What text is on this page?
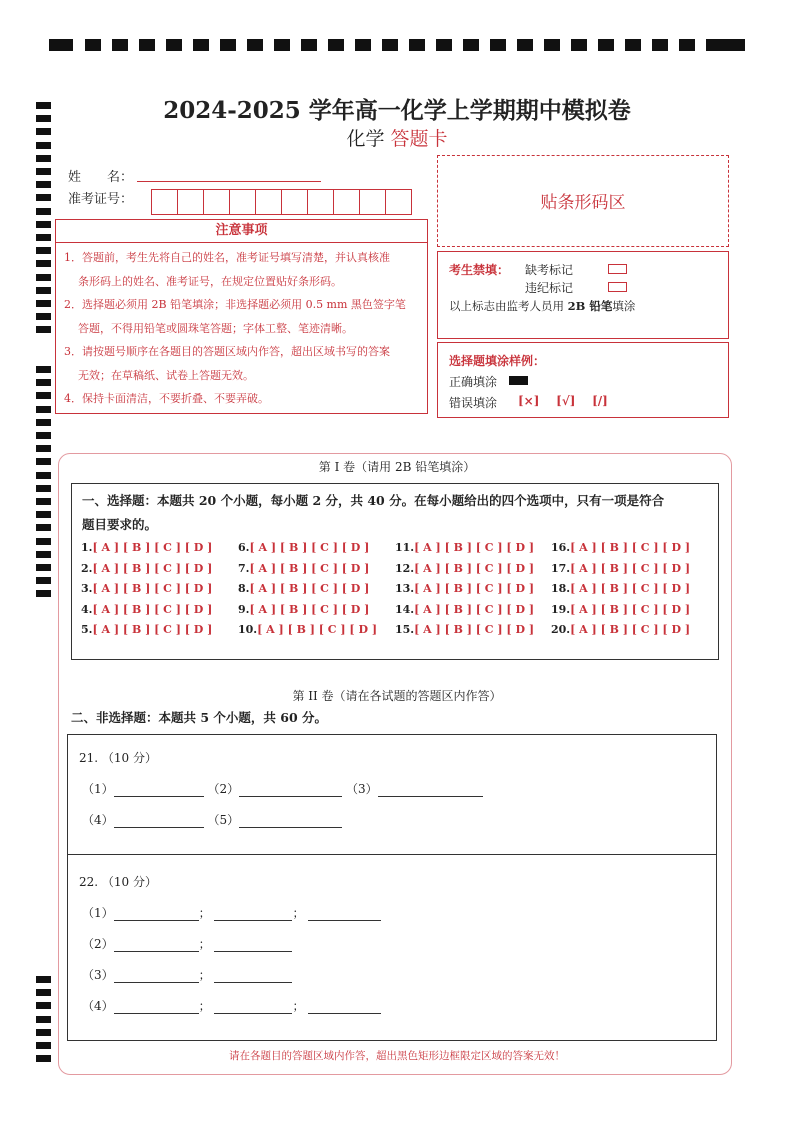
2024-2025 学年高一化学上学期期中模拟卷
化学 答题卡
姓　　名：
准考证号：
注意事项

1．答题前，考生先将自己的姓名，准考证号填写清楚，并认真核准

条形码上的姓名、准考证号，在规定位置贴好条形码。

2．选择题必须用 2B 铅笔填涂；非选择题必须用 0.5 mm 黑色签字笔

答题，不得用铅笔或圆珠笔答题；字体工整、笔迹清晰。

3．请按题号顺序在各题目的答题区域内作答，超出区域书写的答案

无效；在草稿纸、试卷上答题无效。

4．保持卡面清洁，不要折叠、不要弄破。

贴条形码区
考生禁填： 缺考标记
违纪标记
以上标志由监考人员用 2B 铅笔填涂
选择题填涂样例：
正确填涂
错误填涂 [×] [√] [/]
第 I 卷（请用 2B 铅笔填涂）
一、选择题：本题共 20 个小题，每小题 2 分，共 40 分。在每小题给出的四个选项中，只有一项是符合
题目要求的。
1.[ A ] [ B ] [ C ] [ D ]
2.[ A ] [ B ] [ C ] [ D ]
3.[ A ] [ B ] [ C ] [ D ]
4.[ A ] [ B ] [ C ] [ D ]
5.[ A ] [ B ] [ C ] [ D ]
6.[ A ] [ B ] [ C ] [ D ]
7.[ A ] [ B ] [ C ] [ D ]
8.[ A ] [ B ] [ C ] [ D ]
9.[ A ] [ B ] [ C ] [ D ]
10.[ A ] [ B ] [ C ] [ D ]
11.[ A ] [ B ] [ C ] [ D ]
12.[ A ] [ B ] [ C ] [ D ]
13.[ A ] [ B ] [ C ] [ D ]
14.[ A ] [ B ] [ C ] [ D ]
15.[ A ] [ B ] [ C ] [ D ]
16.[ A ] [ B ] [ C ] [ D ]
17.[ A ] [ B ] [ C ] [ D ]
18.[ A ] [ B ] [ C ] [ D ]
19.[ A ] [ B ] [ C ] [ D ]
20.[ A ] [ B ] [ C ] [ D ]
第 II 卷（请在各试题的答题区内作答）
二、非选择题：本题共 5 个小题，共 60 分。
21. （10 分）
（1）	（2）	（3）
（4）	（5）
22. （10 分）
（1）	；	；
（2）	；
（3）	；
（4）	；	；
请在各题目的答题区域内作答，超出黑色矩形边框限定区域的答案无效！
